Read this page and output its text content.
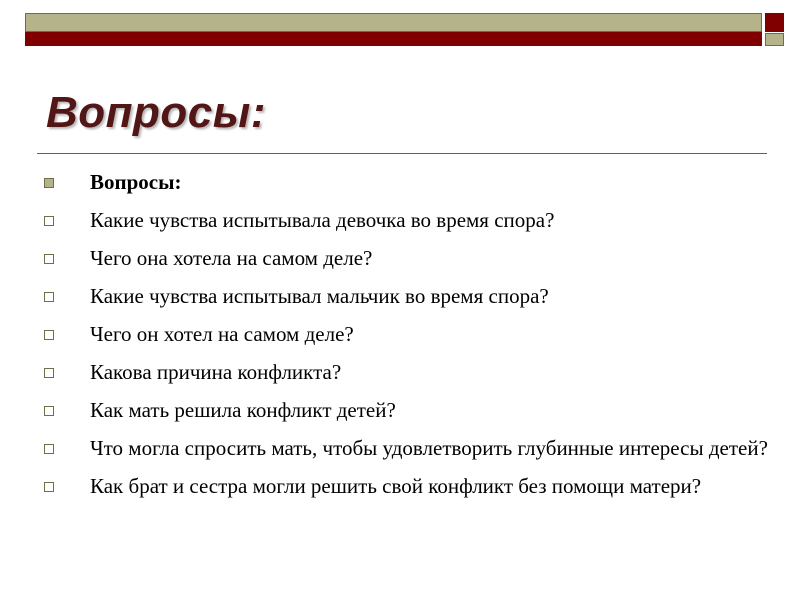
Вопросы:
Вопросы:
Какие чувства испытывала девочка во время спора?
Чего она хотела на самом деле?
Какие чувства испытывал мальчик во время спора?
Чего он хотел на самом деле?
Какова причина конфликта?
Как мать решила конфликт детей?
Что могла спросить мать, чтобы удовлетворить глубинные интересы детей?
Как брат и сестра могли решить свой конфликт без помощи матери?
